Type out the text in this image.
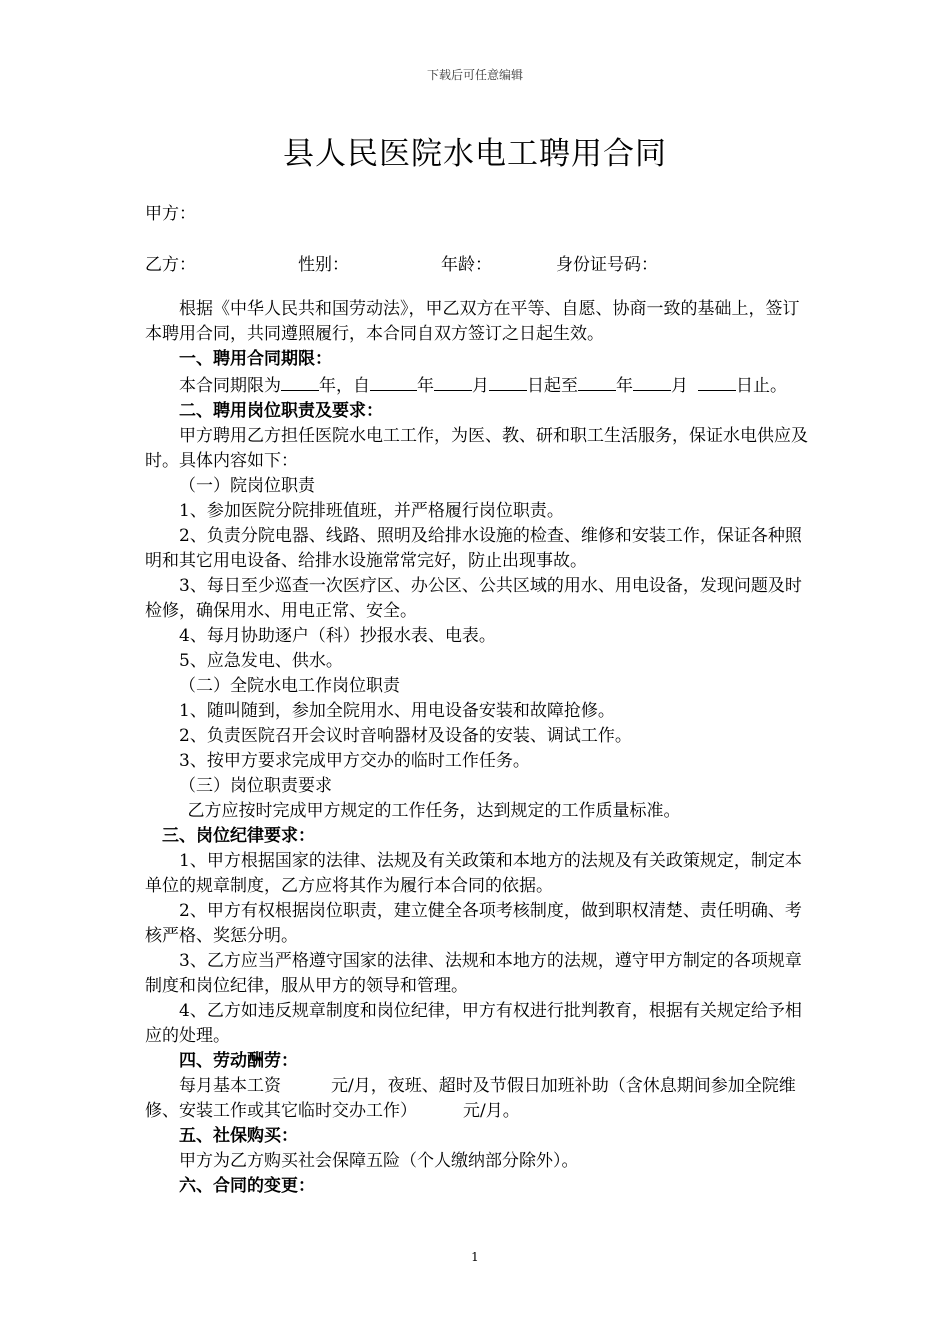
下载后可任意编辑
县人民医院水电工聘用合同
甲方：
乙方：	性别：	年龄：	身份证号码：

根据《中华人民共和国劳动法》，甲乙双方在平等、自愿、协商一致的基础上，签订本聘用合同，共同遵照履行，本合同自双方签订之日起生效。

一、聘用合同期限：

本合同期限为 年，自	年 月 日起至 年 月	日止。

二、聘用岗位职责及要求：

甲方聘用乙方担任医院水电工工作，为医、教、研和职工生活服务，保证水电供应及时。具体内容如下：

（一）院岗位职责

1、参加医院分院排班值班，并严格履行岗位职责。

2、负责分院电器、线路、照明及给排水设施的检查、维修和安装工作，保证各种照明和其它用电设备、给排水设施常常完好，防止出现事故。

3、每日至少巡查一次医疗区、办公区、公共区域的用水、用电设备，发现问题及时检修，确保用水、用电正常、安全。

4、每月协助逐户（科）抄报水表、电表。

5、应急发电、供水。

（二）全院水电工作岗位职责

1、随叫随到，参加全院用水、用电设备安装和故障抢修。

2、负责医院召开会议时音响器材及设备的安装、调试工作。

3、按甲方要求完成甲方交办的临时工作任务。

（三）岗位职责要求

乙方应按时完成甲方规定的工作任务，达到规定的工作质量标准。

三、岗位纪律要求：

1、甲方根据国家的法律、法规及有关政策和本地方的法规及有关政策规定，制定本单位的规章制度，乙方应将其作为履行本合同的依据。

2、甲方有权根据岗位职责，建立健全各项考核制度，做到职权清楚、责任明确、考核严格、奖惩分明。

3、乙方应当严格遵守国家的法律、法规和本地方的法规，遵守甲方制定的各项规章制度和岗位纪律，服从甲方的领导和管理。

4、乙方如违反规章制度和岗位纪律，甲方有权进行批判教育，根据有关规定给予相应的处理。

四、劳动酬劳：

每月基本工资	元/月，夜班、超时及节假日加班补助（含休息期间参加全院维修、安装工作或其它临时交办工作）	元/月。

五、社保购买：

甲方为乙方购买社会保障五险（个人缴纳部分除外）。

六、合同的变更：

1
